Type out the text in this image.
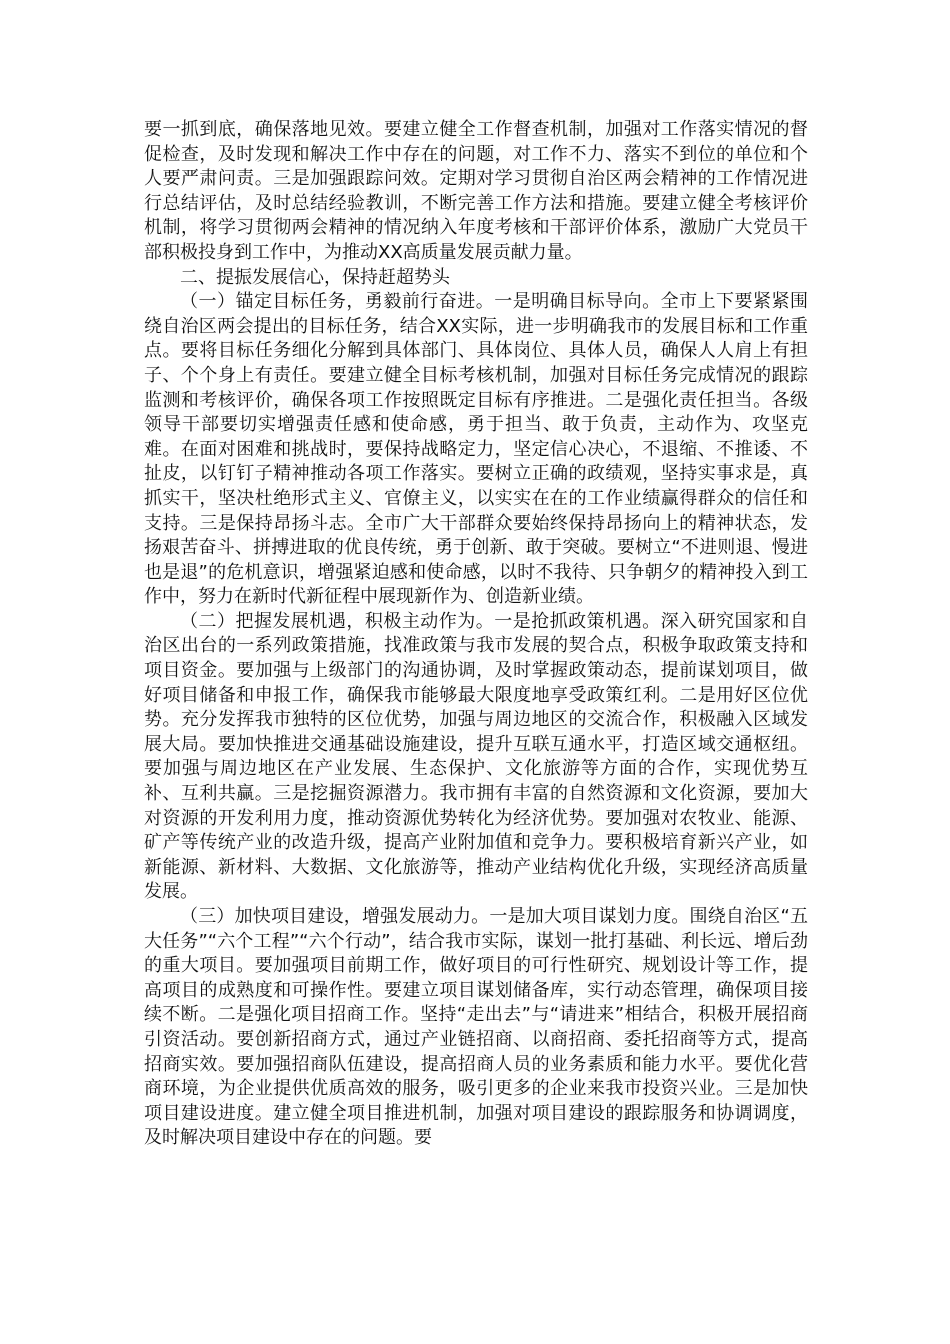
要一抓到底，确保落地见效。要建立健全工作督查机制，加强对工作落实情况的督促检查，及时发现和解决工作中存在的问题，对工作不力、落实不到位的单位和个人要严肃问责。三是加强跟踪问效。定期对学习贯彻自治区两会精神的工作情况进行总结评估，及时总结经验教训，不断完善工作方法和措施。要建立健全考核评价机制，将学习贯彻两会精神的情况纳入年度考核和干部评价体系，激励广大党员干部积极投身到工作中，为推动XX高质量发展贡献力量。

二、提振发展信心，保持赶超势头

（一）锚定目标任务，勇毅前行奋进。一是明确目标导向。全市上下要紧紧围绕自治区两会提出的目标任务，结合XX实际，进一步明确我市的发展目标和工作重点。要将目标任务细化分解到具体部门、具体岗位、具体人员，确保人人肩上有担子、个个身上有责任。要建立健全目标考核机制，加强对目标任务完成情况的跟踪监测和考核评价，确保各项工作按照既定目标有序推进。二是强化责任担当。各级领导干部要切实增强责任感和使命感，勇于担当、敢于负责，主动作为、攻坚克难。在面对困难和挑战时，要保持战略定力，坚定信心决心，不退缩、不推诿、不扯皮，以钉钉子精神推动各项工作落实。要树立正确的政绩观，坚持实事求是，真抓实干，坚决杜绝形式主义、官僚主义，以实实在在的工作业绩赢得群众的信任和支持。三是保持昂扬斗志。全市广大干部群众要始终保持昂扬向上的精神状态，发扬艰苦奋斗、拼搏进取的优良传统，勇于创新、敢于突破。要树立“不进则退、慢进也是退”的危机意识，增强紧迫感和使命感，以时不我待、只争朝夕的精神投入到工作中，努力在新时代新征程中展现新作为、创造新业绩。

（二）把握发展机遇，积极主动作为。一是抢抓政策机遇。深入研究国家和自治区出台的一系列政策措施，找准政策与我市发展的契合点，积极争取政策支持和项目资金。要加强与上级部门的沟通协调，及时掌握政策动态，提前谋划项目，做好项目储备和申报工作，确保我市能够最大限度地享受政策红利。二是用好区位优势。充分发挥我市独特的区位优势，加强与周边地区的交流合作，积极融入区域发展大局。要加快推进交通基础设施建设，提升互联互通水平，打造区域交通枢纽。要加强与周边地区在产业发展、生态保护、文化旅游等方面的合作，实现优势互补、互利共赢。三是挖掘资源潜力。我市拥有丰富的自然资源和文化资源，要加大对资源的开发利用力度，推动资源优势转化为经济优势。要加强对农牧业、能源、矿产等传统产业的改造升级，提高产业附加值和竞争力。要积极培育新兴产业，如新能源、新材料、大数据、文化旅游等，推动产业结构优化升级，实现经济高质量发展。

（三）加快项目建设，增强发展动力。一是加大项目谋划力度。围绕自治区“五大任务”“六个工程”“六个行动”，结合我市实际，谋划一批打基础、利长远、增后劲的重大项目。要加强项目前期工作，做好项目的可行性研究、规划设计等工作，提高项目的成熟度和可操作性。要建立项目谋划储备库，实行动态管理，确保项目接续不断。二是强化项目招商工作。坚持“走出去”与“请进来”相结合，积极开展招商引资活动。要创新招商方式，通过产业链招商、以商招商、委托招商等方式，提高招商实效。要加强招商队伍建设，提高招商人员的业务素质和能力水平。要优化营商环境，为企业提供优质高效的服务，吸引更多的企业来我市投资兴业。三是加快项目建设进度。建立健全项目推进机制，加强对项目建设的跟踪服务和协调调度，及时解决项目建设中存在的问题。要
